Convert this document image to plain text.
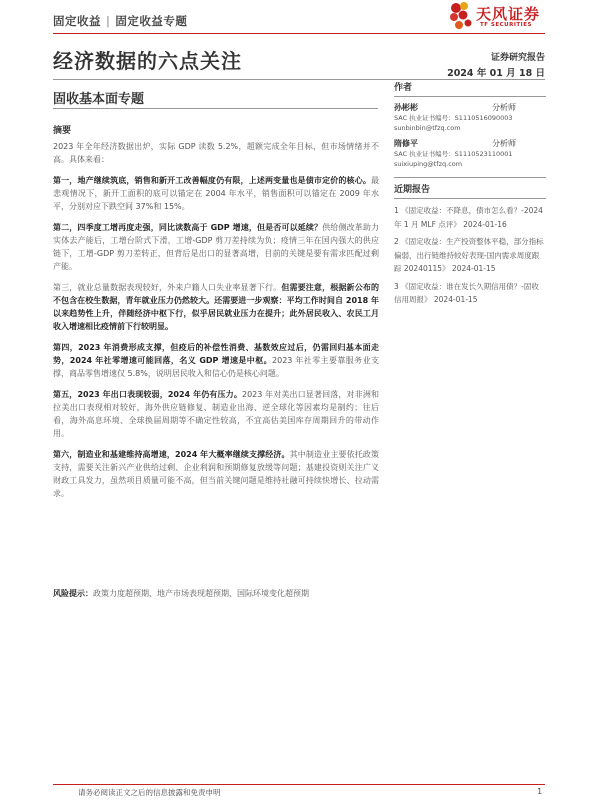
固定收益 | 固定收益专题	天风证券
TF SECURITIES
经济数据的六点关注	证券研究报告
2024 年 01 月 18 日
固收基本面专题
摘要

2023 年全年经济数据出炉，实际 GDP 读数 5.2%，超额完成全年目标，但市场情绪并不高。具体来看：

第一，地产继续筑底，销售和新开工改善幅度仍有限，上述两变量也是债市定价的核心。最悲观情况下，新开工面积的底可以锚定在 2004 年水平，销售面积可以锚定在 2009 年水平，分别对应下跌空间 37%和 15%。

第二，四季度工增再度走强，同比读数高于 GDP 增速，但是否可以延续？供给侧改革助力实体去产能后，工增台阶式下滑，工增-GDP 剪刀差持续为负；疫情三年在国内强大的供应链下，工增-GDP 剪刀差转正，但背后是出口的显著高增，目前的关键是要有需求匹配过剩产能。

第三，就业总量数据表现较好，外来户籍人口失业率显著下行。但需要注意，根据新公布的不包含在校生数据，青年就业压力仍然较大。还需要进一步观察：平均工作时间自 2018 年以来趋势性上升，伴随经济中枢下行，似乎居民就业压力在提升；此外居民收入、农民工月收入增速相比疫情前下行较明显。

第四，2023 年消费形成支撑，但疫后的补偿性消费、基数效应过后，仍需回归基本面走势，2024 年社零增速可能回落，名义 GDP 增速是中枢。2023 年社零主要靠服务业支撑，商品零售增速仅 5.8%，说明居民收入和信心仍是核心问题。

第五，2023 年出口表现较弱，2024 年仍有压力。2023 年对美出口显著回落，对非洲和拉美出口表现相对较好，海外供应链修复、制造业出海、逆全球化等因素均是制约；往后看，海外高息环境、全球换届周期等不确定性较高，不宜高估美国库存周期回升的带动作用。

第六，制造业和基建维持高增速，2024 年大概率继续支撑经济。其中制造业主要依托政策支持，需要关注新兴产业供给过剩、企业利润和预期修复放缓等问题；基建投资则关注广义财政工具发力，虽然项目质量可能不高，但当前关键问题是维持社融可持续快增长、拉动需求。

风险提示：政策力度超预期、地产市场表现超预期、国际环境变化超预期
作者
孙彬彬	分析师
SAC 执业证书编号：S1110516090003
sunbinbin@tfzq.com
隋修平	分析师
SAC 执业证书编号：S1110523110001
suixiuping@tfzq.com
近期报告
1 《固定收益：不降息，债市怎么看？-2024 年 1 月 MLF 点评》 2024-01-16
2 《固定收益：生产投资整体平稳，部分指标偏弱，出行链维持较好表现-国内需求周度跟踪 20240115》 2024-01-15
3 《固定收益：谁在发长久期信用债？-固收信用周报》 2024-01-15
请务必阅读正文之后的信息披露和免责申明	1
